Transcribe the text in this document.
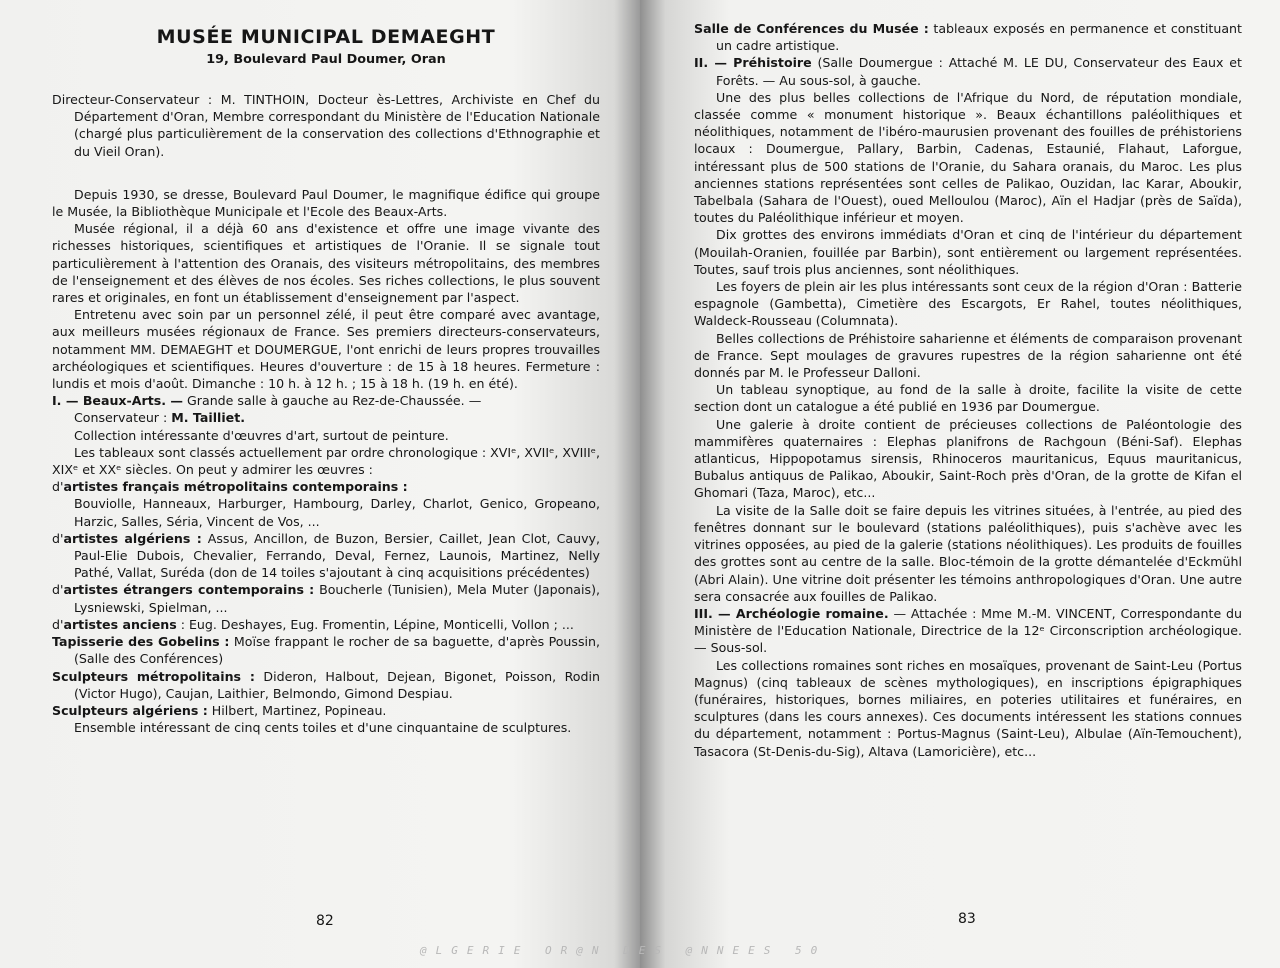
MUSÉE MUNICIPAL DEMAEGHT
19, Boulevard Paul Doumer, Oran

Directeur-Conservateur : M. TINTHOIN, Docteur ès-Lettres, Archiviste en Chef du Département d'Oran, Membre correspondant du Ministère de l'Education Nationale (chargé plus particulièrement de la conservation des collections d'Ethnographie et du Vieil Oran).

Depuis 1930, se dresse, Boulevard Paul Doumer, le magnifique édifice qui groupe le Musée, la Bibliothèque Municipale et l'Ecole des Beaux-Arts.

Musée régional, il a déjà 60 ans d'existence et offre une image vivante des richesses historiques, scientifiques et artistiques de l'Oranie. Il se signale tout particulièrement à l'attention des Oranais, des visiteurs métropolitains, des membres de l'enseignement et des élèves de nos écoles. Ses riches collections, le plus souvent rares et originales, en font un établissement d'enseignement par l'aspect.

Entretenu avec soin par un personnel zélé, il peut être comparé avec avantage, aux meilleurs musées régionaux de France. Ses premiers directeurs-conservateurs, notamment MM. DEMAEGHT et DOUMERGUE, l'ont enrichi de leurs propres trouvailles archéologiques et scientifiques. Heures d'ouverture : de 15 à 18 heures. Fermeture : lundis et mois d'août. Dimanche : 10 h. à 12 h. ; 15 à 18 h. (19 h. en été).

I. — Beaux-Arts. — Grande salle à gauche au Rez-de-Chaussée. —

Conservateur : M. Tailliet.

Collection intéressante d'œuvres d'art, surtout de peinture.

Les tableaux sont classés actuellement par ordre chronologique : XVIᵉ, XVIIᵉ, XVIIIᵉ, XIXᵉ et XXᵉ siècles. On peut y admirer les œuvres :

d'artistes français métropolitains contemporains :

Bouviolle, Hanneaux, Harburger, Hambourg, Darley, Charlot, Genico, Gropeano, Harzic, Salles, Séria, Vincent de Vos, ...

d'artistes algériens : Assus, Ancillon, de Buzon, Bersier, Caillet, Jean Clot, Cauvy, Paul-Elie Dubois, Chevalier, Ferrando, Deval, Fernez, Launois, Martinez, Nelly Pathé, Vallat, Suréda (don de 14 toiles s'ajoutant à cinq acquisitions précédentes)

d'artistes étrangers contemporains : Boucherle (Tunisien), Mela Muter (Japonais), Lysniewski, Spielman, ...

d'artistes anciens : Eug. Deshayes, Eug. Fromentin, Lépine, Monticelli, Vollon ; ...

Tapisserie des Gobelins : Moïse frappant le rocher de sa baguette, d'après Poussin, (Salle des Conférences)

Sculpteurs métropolitains : Dideron, Halbout, Dejean, Bigonet, Poisson, Rodin (Victor Hugo), Caujan, Laithier, Belmondo, Gimond Despiau.

Sculpteurs algériens : Hilbert, Martinez, Popineau.

Ensemble intéressant de cinq cents toiles et d'une cinquantaine de sculptures.

82

Salle de Conférences du Musée : tableaux exposés en permanence et constituant un cadre artistique.

II. — Préhistoire (Salle Doumergue : Attaché M. LE DU, Conservateur des Eaux et Forêts. — Au sous-sol, à gauche.

Une des plus belles collections de l'Afrique du Nord, de réputation mondiale, classée comme « monument historique ». Beaux échantillons paléolithiques et néolithiques, notamment de l'ibéro-maurusien provenant des fouilles de préhistoriens locaux : Doumergue, Pallary, Barbin, Cadenas, Estaunié, Flahaut, Laforgue, intéressant plus de 500 stations de l'Oranie, du Sahara oranais, du Maroc. Les plus anciennes stations représentées sont celles de Palikao, Ouzidan, lac Karar, Aboukir, Tabelbala (Sahara de l'Ouest), oued Melloulou (Maroc), Aïn el Hadjar (près de Saïda), toutes du Paléolithique inférieur et moyen.

Dix grottes des environs immédiats d'Oran et cinq de l'intérieur du département (Mouilah-Oranien, fouillée par Barbin), sont entièrement ou largement représentées. Toutes, sauf trois plus anciennes, sont néolithiques.

Les foyers de plein air les plus intéressants sont ceux de la région d'Oran : Batterie espagnole (Gambetta), Cimetière des Escargots, Er Rahel, toutes néolithiques, Waldeck-Rousseau (Columnata).

Belles collections de Préhistoire saharienne et éléments de comparaison provenant de France. Sept moulages de gravures rupestres de la région saharienne ont été donnés par M. le Professeur Dalloni.

Un tableau synoptique, au fond de la salle à droite, facilite la visite de cette section dont un catalogue a été publié en 1936 par Doumergue.

Une galerie à droite contient de précieuses collections de Paléontologie des mammifères quaternaires : Elephas planifrons de Rachgoun (Béni-Saf). Elephas atlanticus, Hippopotamus sirensis, Rhinoceros mauritanicus, Equus mauritanicus, Bubalus antiquus de Palikao, Aboukir, Saint-Roch près d'Oran, de la grotte de Kifan el Ghomari (Taza, Maroc), etc...

La visite de la Salle doit se faire depuis les vitrines situées, à l'entrée, au pied des fenêtres donnant sur le boulevard (stations paléolithiques), puis s'achève avec les vitrines opposées, au pied de la galerie (stations néolithiques). Les produits de fouilles des grottes sont au centre de la salle. Bloc-témoin de la grotte démantelée d'Eckmühl (Abri Alain). Une vitrine doit présenter les témoins anthropologiques d'Oran. Une autre sera consacrée aux fouilles de Palikao.

III. — Archéologie romaine. — Attachée : Mme M.-M. VINCENT, Correspondante du Ministère de l'Education Nationale, Directrice de la 12ᵉ Circonscription archéologique. — Sous-sol.

Les collections romaines sont riches en mosaïques, provenant de Saint-Leu (Portus Magnus) (cinq tableaux de scènes mythologiques), en inscriptions épigraphiques (funéraires, historiques, bornes miliaires, en poteries utilitaires et funéraires, en sculptures (dans les cours annexes). Ces documents intéressent les stations connues du département, notamment : Portus-Magnus (Saint-Leu), Albulae (Aïn-Temouchent), Tasacora (St-Denis-du-Sig), Altava (Lamoricière), etc...

83
@LGERIE OR@N DES @NNEES 50
